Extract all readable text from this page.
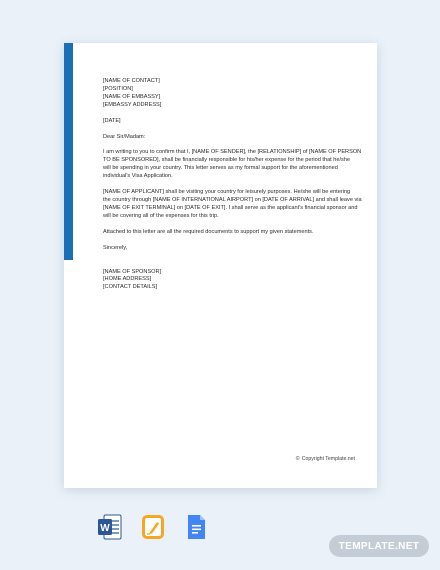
[NAME OF CONTACT]
[POSITION]
[NAME OF EMBASSY]
[EMBASSY ADDRESS]
[DATE]
Dear Sir/Madam:
I am writing to you to confirm that I, [NAME OF SENDER], the [RELATIONSHIP] of [NAME OF PERSON
TO BE SPONSORED], shall be financially responsible for his/her expense for the period that he/she
will be spending in your country. This letter serves as my formal support for the aforementioned
individual's Visa Application.
[NAME OF APPLICANT] shall be visiting your country for leisurely purposes. He/she will be entering
the country through [NAME OF INTERNATIONAL AIRPORT] on [DATE OF ARRIVAL] and shall leave via
[NAME OF EXIT TERMINAL] on [DATE OF EXIT]. I shall serve as the applicant's financial sponsor and
will be covering all of the expenses for this trip.
Attached to this letter are all the required documents to support my given statements.
Sincerely,
[NAME OF SPONSOR]
[HOME ADDRESS]
[CONTACT DETAILS]
© Copyright Template.net
W
TEMPLATE.NET
